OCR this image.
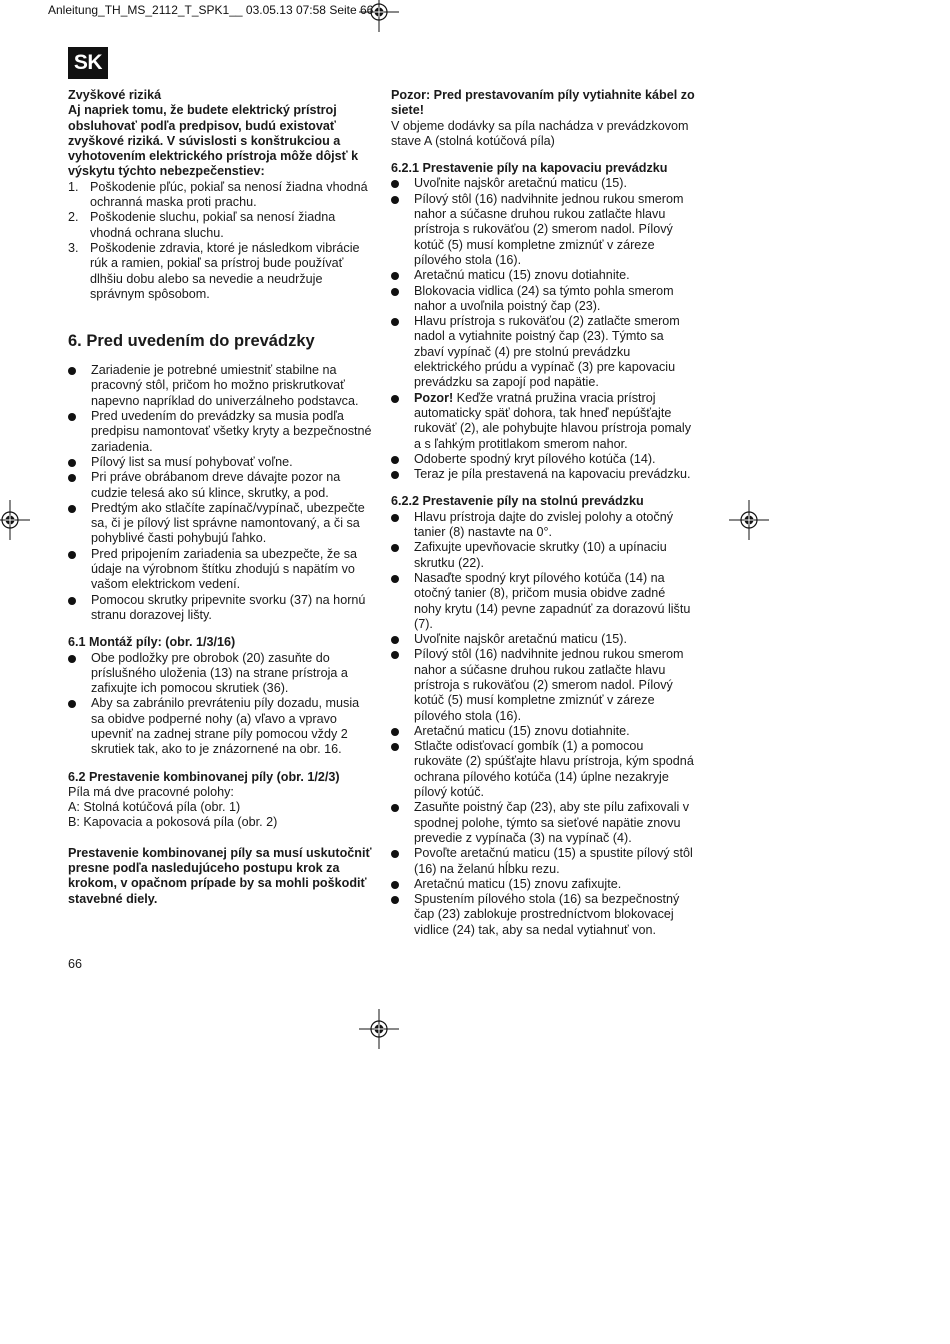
Anleitung_TH_MS_2112_T_SPK1__ 03.05.13 07:58 Seite 66
SK

Zvyškové riziká

Aj napriek tomu, že budete elektrický prístroj obsluhovať podľa predpisov, budú existovať zvyškové riziká. V súvislosti s konštrukciou a vyhotovením elektrického prístroja môže dôjsť k výskytu týchto nebezpečenstiev:

1. Poškodenie pľúc, pokiaľ sa nenosí žiadna vhodná ochranná maska proti prachu.
2. Poškodenie sluchu, pokiaľ sa nenosí žiadna vhodná ochrana sluchu.
3. Poškodenie zdravia, ktoré je následkom vibrácie rúk a ramien, pokiaľ sa prístroj bude používať dlhšiu dobu alebo sa nevedie a neudržuje správnym spôsobom.

6. Pred uvedením do prevádzky

Zariadenie je potrebné umiestniť stabilne na pracovný stôl, pričom ho možno priskrutkovať napevno napríklad do univerzálneho podstavca.
Pred uvedením do prevádzky sa musia podľa predpisu namontovať všetky kryty a bezpečnostné zariadenia.
Pílový list sa musí pohybovať voľne.
Pri práve obrábanom dreve dávajte pozor na cudzie telesá ako sú klince, skrutky, a pod.
Predtým ako stlačíte zapínač/vypínač, ubezpečte sa, či je pílový list správne namontovaný, a či sa pohyblivé časti pohybujú ľahko.
Pred pripojením zariadenia sa ubezpečte, že sa údaje na výrobnom štítku zhodujú s napätím vo vašom elektrickom vedení.
Pomocou skrutky pripevnite svorku (37) na hornú stranu dorazovej lišty.

6.1 Montáž píly: (obr. 1/3/16)

Obe podložky pre obrobok (20) zasuňte do príslušného uloženia (13) na strane prístroja a zafixujte ich pomocou skrutiek (36).
Aby sa zabránilo prevráteniu píly dozadu, musia sa obidve podperné nohy (a) vľavo a vpravo upevniť na zadnej strane píly pomocou vždy 2 skrutiek tak, ako to je znázornené na obr. 16.

6.2 Prestavenie kombinovanej píly (obr. 1/2/3)

Píla má dve pracovné polohy:

A: Stolná kotúčová píla (obr. 1)

B: Kapovacia a pokosová píla (obr. 2)

Prestavenie kombinovanej píly sa musí uskutočniť presne podľa nasledujúceho postupu krok za krokom, v opačnom prípade by sa mohli poškodiť stavebné diely.

Pozor: Pred prestavovaním píly vytiahnite kábel zo siete!

V objeme dodávky sa píla nachádza v prevádzkovom stave A (stolná kotúčová píla)

6.2.1 Prestavenie píly na kapovaciu prevádzku

Uvoľnite najskôr aretačnú maticu (15).
Pílový stôl (16) nadvihnite jednou rukou smerom nahor a súčasne druhou rukou zatlačte hlavu prístroja s rukoväťou (2) smerom nadol. Pílový kotúč (5) musí kompletne zmiznúť v záreze pílového stola (16).
Aretačnú maticu (15) znovu dotiahnite.
Blokovacia vidlica (24) sa týmto pohla smerom nahor a uvoľnila poistný čap (23).
Hlavu prístroja s rukoväťou (2) zatlačte smerom nadol a vytiahnite poistný čap (23). Týmto sa zbaví vypínač (4) pre stolnú prevádzku elektrického prúdu a vypínač (3) pre kapovaciu prevádzku sa zapojí pod napätie.
Pozor! Keďže vratná pružina vracia prístroj automaticky späť dohora, tak hneď nepúšťajte rukoväť (2), ale pohybujte hlavou prístroja pomaly a s ľahkým protitlakom smerom nahor.
Odoberte spodný kryt pílového kotúča (14).
Teraz je píla prestavená na kapovaciu prevádzku.

6.2.2 Prestavenie píly na stolnú prevádzku

Hlavu prístroja dajte do zvislej polohy a otočný tanier (8) nastavte na 0°.
Zafixujte upevňovacie skrutky (10) a upínaciu skrutku (22).
Nasaďte spodný kryt pílového kotúča (14) na otočný tanier (8), pričom musia obidve zadné nohy krytu (14) pevne zapadnúť za dorazovú lištu (7).
Uvoľnite najskôr aretačnú maticu (15).
Pílový stôl (16) nadvihnite jednou rukou smerom nahor a súčasne druhou rukou zatlačte hlavu prístroja s rukoväťou (2) smerom nadol. Pílový kotúč (5) musí kompletne zmiznúť v záreze pílového stola (16).
Aretačnú maticu (15) znovu dotiahnite.
Stlačte odisťovací gombík (1) a pomocou rukoväte (2) spúšťajte hlavu prístroja, kým spodná ochrana pílového kotúča (14) úplne nezakryje pílový kotúč.
Zasuňte poistný čap (23), aby ste pílu zafixovali v spodnej polohe, týmto sa sieťové napätie znovu prevedie z vypínača (3) na vypínač (4).
Povoľte aretačnú maticu (15) a spustite pílový stôl (16) na želanú hĺbku rezu.
Aretačnú maticu (15) znovu zafixujte.
Spustením pílového stola (16) sa bezpečnostný čap (23) zablokuje prostredníctvom blokovacej vidlice (24) tak, aby sa nedal vytiahnuť von.
66
